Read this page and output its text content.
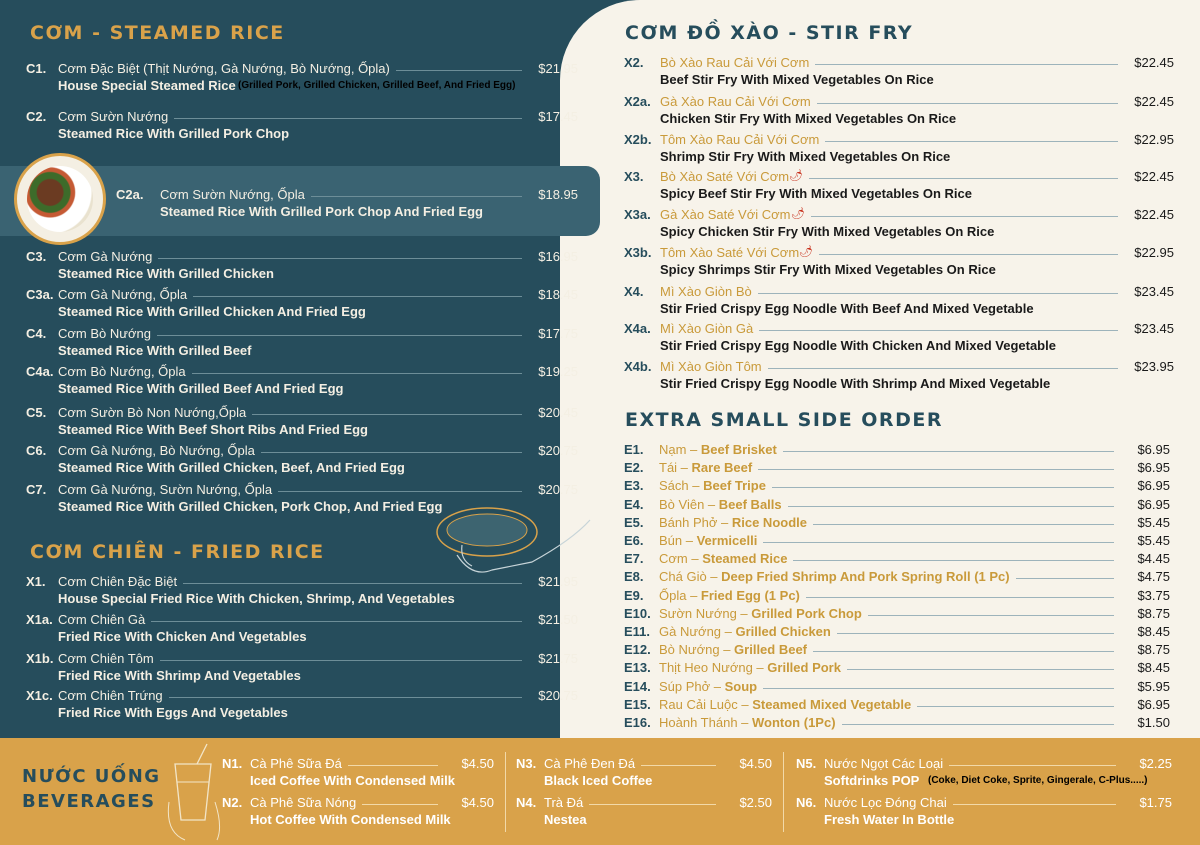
CƠM - STEAMED RICE
CƠM CHIÊN - FRIED RICE
CƠM ĐỒ XÀO - STIR FRY
EXTRA SMALL SIDE ORDER
NƯỚC UỐNG
BEVERAGES
C1. Cơm Đặc Biệt (Thịt Nướng, Gà Nướng, Bò Nướng, Ốpla)	$21.95
House Special Steamed Rice (Grilled Pork, Grilled Chicken, Grilled Beef, And Fried Egg)
C2. Cơm Sườn Nướng	$17.45
Steamed Rice With Grilled Pork Chop
C2a. Cơm Sườn Nướng, Ốpla	$18.95
Steamed Rice With Grilled Pork Chop And Fried Egg
C3. Cơm Gà Nướng	$16.95
Steamed Rice With Grilled Chicken
C3a. Cơm Gà Nướng, Ốpla	$18.45
Steamed Rice With Grilled Chicken And Fried Egg
C4. Cơm Bò Nướng	$17.75
Steamed Rice With Grilled Beef
C4a. Cơm Bò Nướng, Ốpla	$19.25
Steamed Rice With Grilled Beef And Fried Egg
C5. Cơm Sườn Bò Non Nướng,Ốpla	$20.45
Steamed Rice With Beef Short Ribs And Fried Egg
C6. Cơm Gà Nướng, Bò Nướng, Ốpla	$20.75
Steamed Rice With Grilled Chicken, Beef, And Fried Egg
C7. Cơm Gà Nướng, Sườn Nướng, Ốpla	$20.75
Steamed Rice With Grilled Chicken, Pork Chop, And Fried Egg
X1. Cơm Chiên Đặc Biệt	$21.95
House Special Fried Rice With Chicken, Shrimp, And Vegetables
X1a. Cơm Chiên Gà	$21.50
Fried Rice With Chicken And Vegetables
X1b. Cơm Chiên Tôm	$21.75
Fried Rice With Shrimp And Vegetables
X1c. Cơm Chiên Trứng	$20.75
Fried Rice With Eggs And Vegetables
X2. Bò Xào Rau Cải Với Cơm	$22.45
Beef Stir Fry With Mixed Vegetables On Rice
X2a. Gà Xào Rau Cải Với Cơm	$22.45
Chicken Stir Fry With Mixed Vegetables On Rice
X2b. Tôm Xào Rau Cải Với Cơm	$22.95
Shrimp Stir Fry With Mixed Vegetables On Rice
X3. Bò Xào Saté Với Cơm 🌶	$22.45
Spicy Beef Stir Fry With Mixed Vegetables On Rice
X3a. Gà Xào Saté Với Cơm 🌶	$22.45
Spicy Chicken Stir Fry With Mixed Vegetables On Rice
X3b. Tôm Xào Saté Với Cơm 🌶	$22.95
Spicy Shrimps Stir Fry With Mixed Vegetables On Rice
X4. Mì Xào Giòn Bò	$23.45
Stir Fried Crispy Egg Noodle With Beef And Mixed Vegetable
X4a. Mì Xào Giòn Gà	$23.45
Stir Fried Crispy Egg Noodle With Chicken And Mixed Vegetable
X4b. Mì Xào Giòn Tôm	$23.95
Stir Fried Crispy Egg Noodle With Shrimp And Mixed Vegetable
E1. Nạm – Beef Brisket	$6.95
E2. Tái – Rare Beef	$6.95
E3. Sách – Beef Tripe	$6.95
E4. Bò Viên – Beef Balls	$6.95
E5. Bánh Phở – Rice Noodle	$5.45
E6. Bún – Vermicelli	$5.45
E7. Cơm – Steamed Rice	$4.45
E8. Chá Giò – Deep Fried Shrimp And Pork Spring Roll (1 Pc)	$4.75
E9. Ốpla – Fried Egg (1 Pc)	$3.75
E10. Sườn Nướng – Grilled Pork Chop	$8.75
E11. Gà Nướng – Grilled Chicken	$8.45
E12. Bò Nướng – Grilled Beef	$8.75
E13. Thịt Heo Nướng – Grilled Pork	$8.45
E14. Súp Phở – Soup	$5.95
E15. Rau Cải Luộc – Steamed Mixed Vegetable	$6.95
E16. Hoành Thánh – Wonton (1Pc)	$1.50
N1. Cà Phê Sữa Đá	$4.50
Iced Coffee With Condensed Milk
N2. Cà Phê Sữa Nóng	$4.50
Hot Coffee With Condensed Milk
N3. Cà Phê Đen Đá	$4.50
Black Iced Coffee
N4. Trà Đá	$2.50
Nestea
N5. Nước Ngọt Các Loại	$2.25
Softdrinks POP (Coke, Diet Coke, Sprite, Gingerale, C-Plus.....)
N6. Nước Lọc Đóng Chai	$1.75
Fresh Water In Bottle
